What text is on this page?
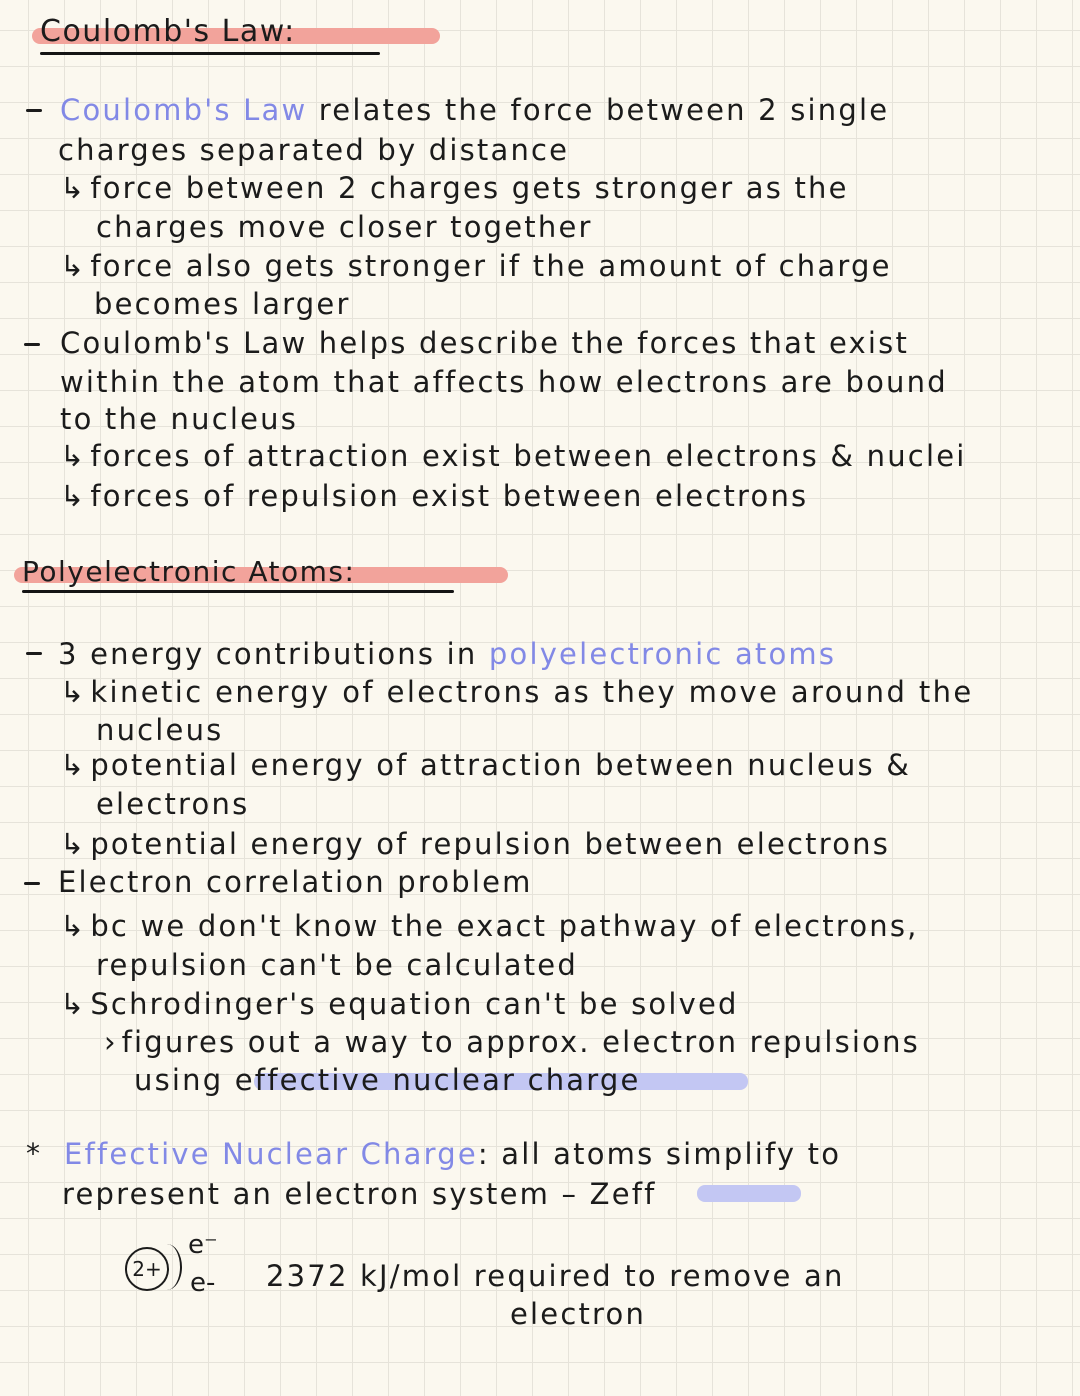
Coulomb's Law:
Coulomb's Law relates the force between 2 single
charges separated by distance
↳ force between 2 charges gets stronger as the
charges move closer together
↳ force also gets stronger if the amount of charge
becomes larger
Coulomb's Law helps describe the forces that exist
within the atom that affects how electrons are bound
to the nucleus
↳ forces of attraction exist between electrons & nuclei
↳ forces of repulsion exist between electrons
Polyelectronic Atoms:
3 energy contributions in polyelectronic atoms
↳ kinetic energy of electrons as they move around the
nucleus
↳ potential energy of attraction between nucleus &
electrons
↳ potential energy of repulsion between electrons
Electron correlation problem
↳ bc we don't know the exact pathway of electrons,
repulsion can't be calculated
↳ Schrodinger's equation can't be solved
› figures out a way to approx. electron repulsions
using effective nuclear charge
* Effective Nuclear Charge: all atoms simplify to
represent an electron system – Zeff
2+
e⁻
e- 2372 kJ/mol required to remove an
electron
